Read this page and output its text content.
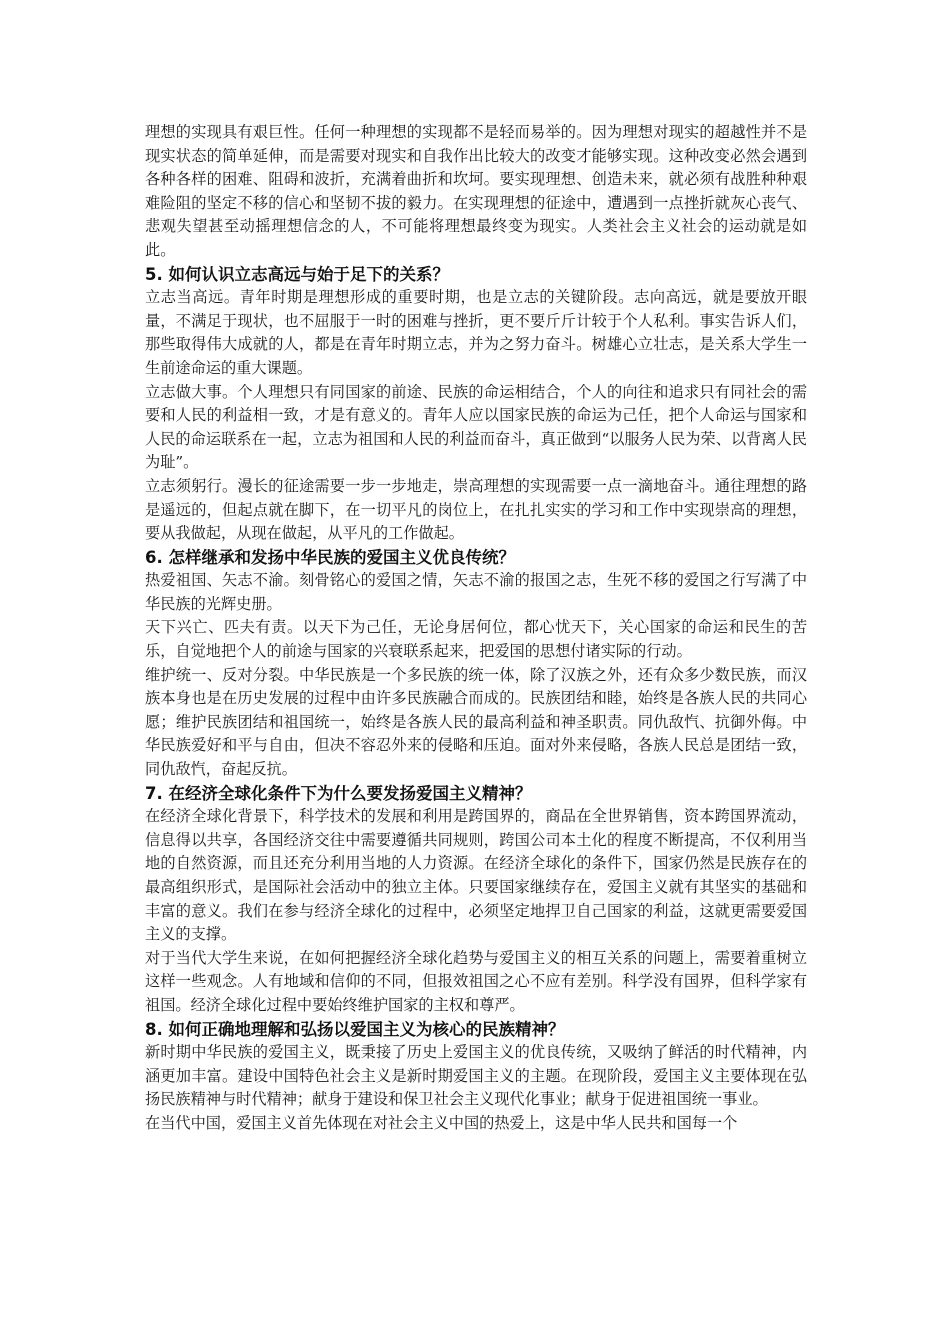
理想的实现具有艰巨性。任何一种理想的实现都不是轻而易举的。因为理想对现实的超越性并不是现实状态的简单延伸，而是需要对现实和自我作出比较大的改变才能够实现。这种改变必然会遇到各种各样的困难、阻碍和波折，充满着曲折和坎坷。要实现理想、创造未来，就必须有战胜种种艰难险阻的坚定不移的信心和坚韧不拔的毅力。在实现理想的征途中，遭遇到一点挫折就灰心丧气、悲观失望甚至动摇理想信念的人，不可能将理想最终变为现实。人类社会主义社会的运动就是如此。

5. 如何认识立志高远与始于足下的关系？

立志当高远。青年时期是理想形成的重要时期，也是立志的关键阶段。志向高远，就是要放开眼量，不满足于现状，也不屈服于一时的困难与挫折，更不要斤斤计较于个人私利。事实告诉人们，那些取得伟大成就的人，都是在青年时期立志，并为之努力奋斗。树雄心立壮志，是关系大学生一生前途命运的重大课题。

立志做大事。个人理想只有同国家的前途、民族的命运相结合，个人的向往和追求只有同社会的需要和人民的利益相一致，才是有意义的。青年人应以国家民族的命运为己任，把个人命运与国家和人民的命运联系在一起，立志为祖国和人民的利益而奋斗，真正做到“以服务人民为荣、以背离人民为耻”。

立志须躬行。漫长的征途需要一步一步地走，崇高理想的实现需要一点一滴地奋斗。通往理想的路是遥远的，但起点就在脚下，在一切平凡的岗位上，在扎扎实实的学习和工作中实现崇高的理想，要从我做起，从现在做起，从平凡的工作做起。

6. 怎样继承和发扬中华民族的爱国主义优良传统？

热爱祖国、矢志不渝。刻骨铭心的爱国之情，矢志不渝的报国之志，生死不移的爱国之行写满了中华民族的光辉史册。

天下兴亡、匹夫有责。以天下为己任，无论身居何位，都心忧天下，关心国家的命运和民生的苦乐，自觉地把个人的前途与国家的兴衰联系起来，把爱国的思想付诸实际的行动。

维护统一、反对分裂。中华民族是一个多民族的统一体，除了汉族之外，还有众多少数民族，而汉族本身也是在历史发展的过程中由许多民族融合而成的。民族团结和睦，始终是各族人民的共同心愿；维护民族团结和祖国统一，始终是各族人民的最高利益和神圣职责。同仇敌忾、抗御外侮。中华民族爱好和平与自由，但决不容忍外来的侵略和压迫。面对外来侵略，各族人民总是团结一致，同仇敌忾，奋起反抗。

7. 在经济全球化条件下为什么要发扬爱国主义精神？

在经济全球化背景下，科学技术的发展和利用是跨国界的，商品在全世界销售，资本跨国界流动，信息得以共享，各国经济交往中需要遵循共同规则，跨国公司本土化的程度不断提高，不仅利用当地的自然资源，而且还充分利用当地的人力资源。在经济全球化的条件下，国家仍然是民族存在的最高组织形式，是国际社会活动中的独立主体。只要国家继续存在，爱国主义就有其坚实的基础和丰富的意义。我们在参与经济全球化的过程中，必须坚定地捍卫自己国家的利益，这就更需要爱国主义的支撑。

对于当代大学生来说，在如何把握经济全球化趋势与爱国主义的相互关系的问题上，需要着重树立这样一些观念。人有地域和信仰的不同，但报效祖国之心不应有差别。科学没有国界，但科学家有祖国。经济全球化过程中要始终维护国家的主权和尊严。

8. 如何正确地理解和弘扬以爱国主义为核心的民族精神？

新时期中华民族的爱国主义，既秉接了历史上爱国主义的优良传统，又吸纳了鲜活的时代精神，内涵更加丰富。建设中国特色社会主义是新时期爱国主义的主题。在现阶段，爱国主义主要体现在弘扬民族精神与时代精神；献身于建设和保卫社会主义现代化事业；献身于促进祖国统一事业。

在当代中国，爱国主义首先体现在对社会主义中国的热爱上，这是中华人民共和国每一个
